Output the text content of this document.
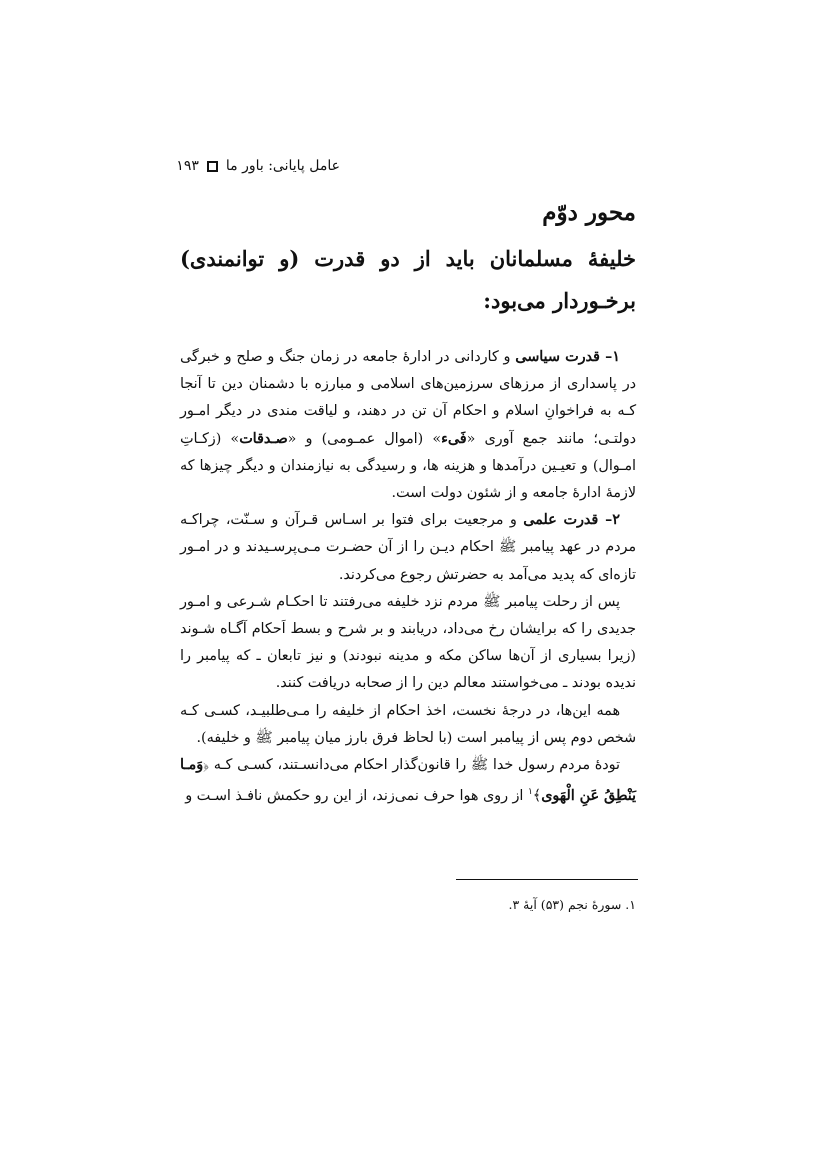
عامل پایانی: باور ما
۱۹۳
محور دوّم
خلیفهٔ مسلمانان باید از دو قدرت (و توانمندی) برخـوردار می‌بود:

۱– قدرت سیاسی و کاردانی در ادارهٔ جامعه در زمان جنگ و صلح و خبرگی در پاسداری از مرزهای سرزمین‌های اسلامی و مبارزه با دشمنان دین تا آنجا کـه به فراخوانِ اسلام و احکام آن تن در دهند، و لیاقت مندی در دیگر امـور دولتـی؛ مانند جمع آوری «فَیء» (اموال عمـومی) و «صـدقات» (زکـاتِ امـوال) و تعیـین درآمدها و هزینه ها، و رسیدگی به نیازمندان و دیگر چیزها که لازمهٔ ادارهٔ جامعه و از شئون دولت است.

۲– قدرت علمی و مرجعیت برای فتوا بر اسـاس قـرآن و سـنّت، چراکـه مردم در عهد پیامبر ﷺ احکام دیـن را از آن حضـرت مـی‌پرسـیدند و در امـور تازه‌ای که پدید می‌آمد به حضرتش رجوع می‌کردند.

پس از رحلت پیامبر ﷺ مردم نزد خلیفه می‌رفتند تا احکـام شـرعی و امـور جدیدی را که برایشان رخ می‌داد، دریابند و بر شرح و بسط اَحکام آگـاه شـوند (زیرا بسیاری از آن‌ها ساکن مکه و مدینه نبودند) و نیز تابعان ـ که پیامبر را ندیده بودند ـ می‌خواستند معالم دین را از صحابه دریافت کنند.

همه این‌ها، در درجهٔ نخست، اخذ احکام از خلیفه را مـی‌طلبیـد، کسـی کـه شخص دوم پس از پیامبر است (با لحاظ فرق بارز میان پیامبر ﷺ و خلیفه).

تودهٔ مردم رسول خدا ﷺ را قانون‌گذار احکام می‌دانسـتند، کسـی کـه ﴿وَمـا يَنْطِقُ عَنِ الْهَوى﴾$^۱$ از روی هوا حرف نمی‌زند، از این رو حکمش نافـذ اسـت و

۱. سورهٔ نجم (۵۳) آیهٔ ۳.
